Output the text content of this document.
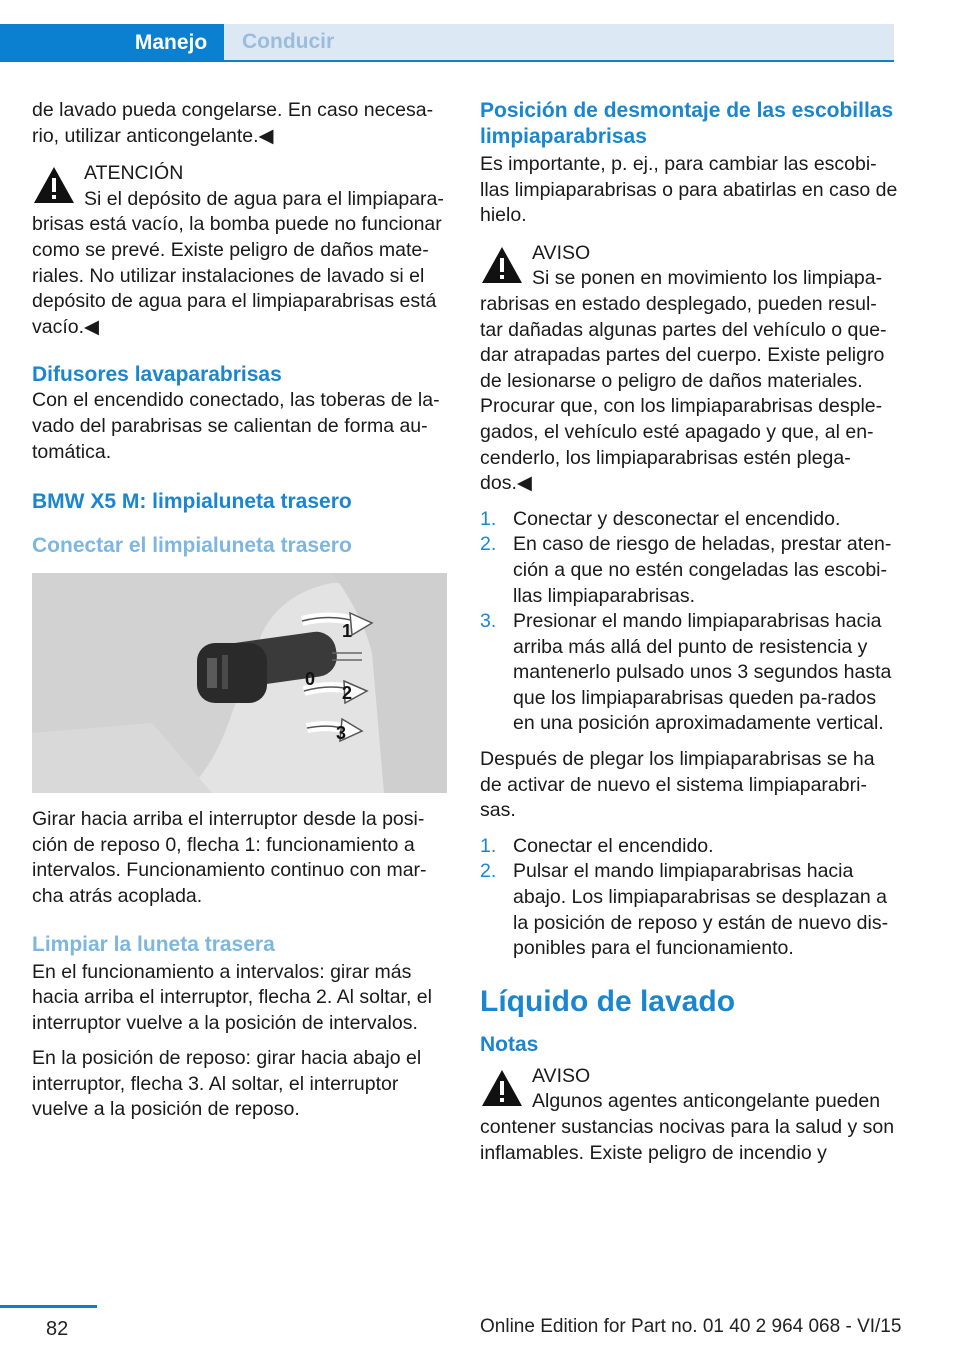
Manejo	Conducir

de lavado pueda congelarse. En caso necesa-rio, utilizar anticongelante.◀

ATENCIÓN
Si el depósito de agua para el limpiapara-brisas está vacío, la bomba puede no funcionar como se prevé. Existe peligro de daños mate-riales. No utilizar instalaciones de lavado si el depósito de agua para el limpiaparabrisas está vacío.◀
Difusores lavaparabrisas

Con el encendido conectado, las toberas de la-vado del parabrisas se calientan de forma au-tomática.

BMW X5 M: limpialuneta trasero
Conectar el limpialuneta trasero
1
0
2
3

Girar hacia arriba el interruptor desde la posi-ción de reposo 0, flecha 1: funcionamiento a intervalos. Funcionamiento continuo con mar-cha atrás acoplada.

Limpiar la luneta trasera

En el funcionamiento a intervalos: girar más hacia arriba el interruptor, flecha 2. Al soltar, el interruptor vuelve a la posición de intervalos.

En la posición de reposo: girar hacia abajo el interruptor, flecha 3. Al soltar, el interruptor vuelve a la posición de reposo.

Posición de desmontaje de las escobillas limpiaparabrisas

Es importante, p. ej., para cambiar las escobi-llas limpiaparabrisas o para abatirlas en caso de hielo.

AVISO
Si se ponen en movimiento los limpiapa-rabrisas en estado desplegado, pueden resul-tar dañadas algunas partes del vehículo o que-dar atrapadas partes del cuerpo. Existe peligro de lesionarse o peligro de daños materiales. Procurar que, con los limpiaparabrisas desple-gados, el vehículo esté apagado y que, al en-cenderlo, los limpiaparabrisas estén plega-dos.◀
1. Conectar y desconectar el encendido.
2. En caso de riesgo de heladas, prestar aten-ción a que no estén congeladas las escobi-llas limpiaparabrisas.
3. Presionar el mando limpiaparabrisas hacia arriba más allá del punto de resistencia y mantenerlo pulsado unos 3 segundos hasta que los limpiaparabrisas queden pa-rados en una posición aproximadamente vertical.

Después de plegar los limpiaparabrisas se ha de activar de nuevo el sistema limpiaparabri-sas.

1. Conectar el encendido.
2. Pulsar el mando limpiaparabrisas hacia abajo. Los limpiaparabrisas se desplazan a la posición de reposo y están de nuevo dis-ponibles para el funcionamiento.
Líquido de lavado
Notas
AVISO
Algunos agentes anticongelante pueden contener sustancias nocivas para la salud y son inflamables. Existe peligro de incendio y
82	Online Edition for Part no. 01 40 2 964 068 - VI/15
